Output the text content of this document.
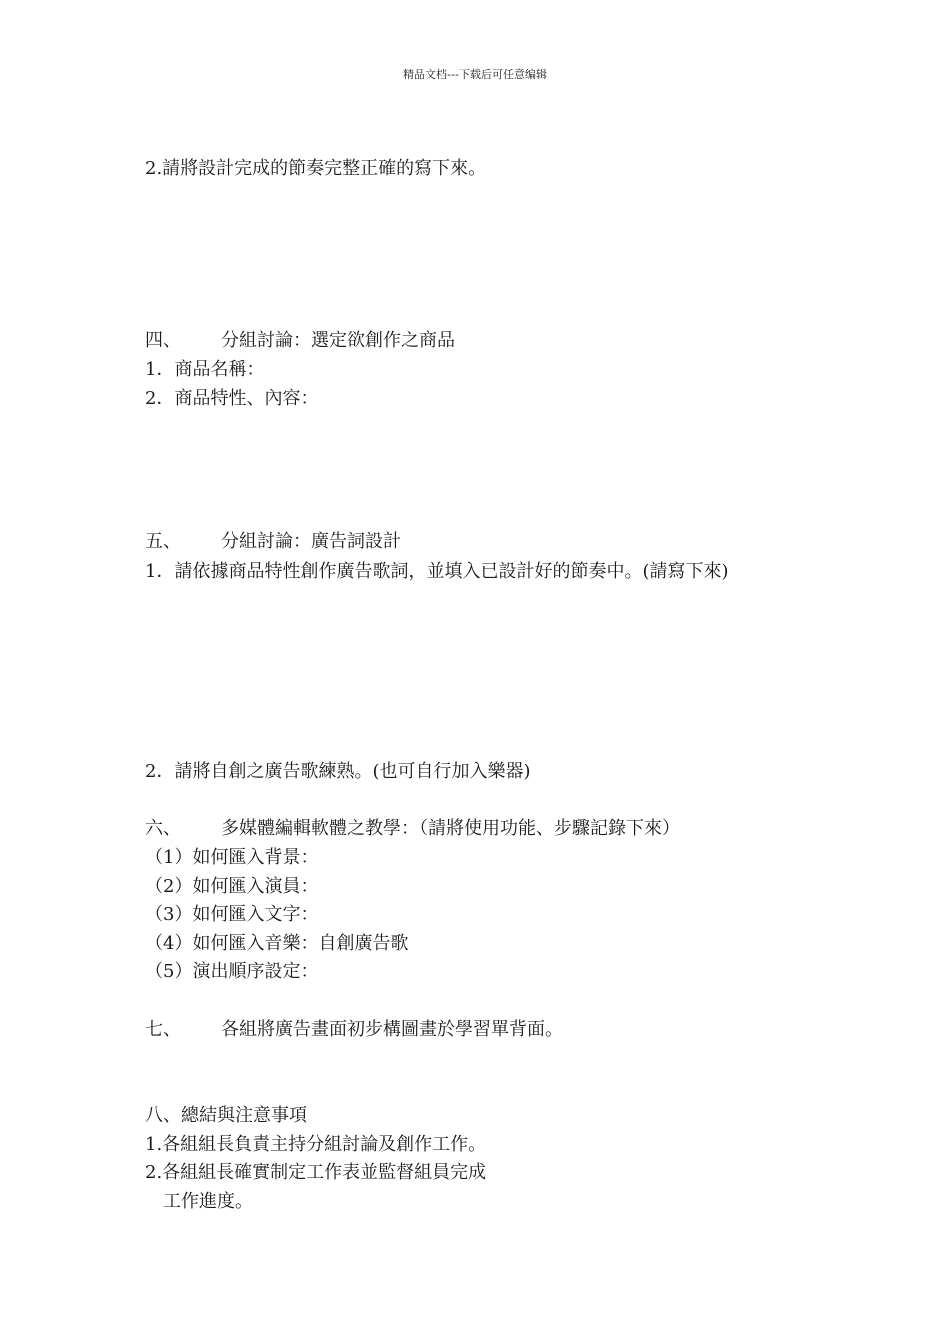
精品文档---下载后可任意编辑
2.請將設計完成的節奏完整正確的寫下來。
四、 分組討論：選定欲創作之商品
1．商品名稱：
2．商品特性、內容：
五、 分組討論：廣告詞設計
1．請依據商品特性創作廣告歌詞，並填入已設計好的節奏中。(請寫下來)
2．請將自創之廣告歌練熟。(也可自行加入樂器)
六、 多媒體編輯軟體之教學：（請將使用功能、步驟記錄下來）
（1）如何匯入背景：
（2）如何匯入演員：
（3）如何匯入文字：
（4）如何匯入音樂：自創廣告歌
（5）演出順序設定：
七、 各組將廣告畫面初步構圖畫於學習單背面。
八、總結與注意事項
1.各組組長負責主持分組討論及創作工作。
2.各組組長確實制定工作表並監督組員完成
工作進度。
